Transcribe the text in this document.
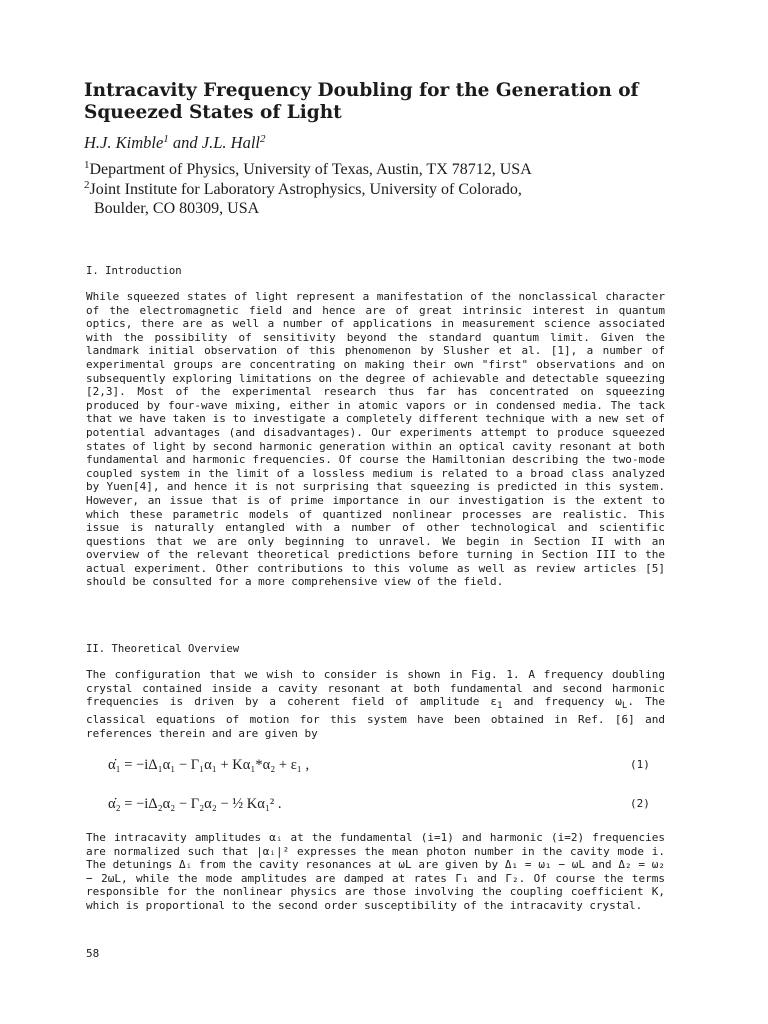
Intracavity Frequency Doubling for the Generation of Squeezed States of Light
H.J. Kimble$^1$ and J.L. Hall$^2$
$^1$Department of Physics, University of Texas, Austin, TX 78712, USA
$^2$Joint Institute for Laboratory Astrophysics, University of Colorado,
Boulder, CO 80309, USA
I. Introduction
While squeezed states of light represent a manifestation of the nonclassical character of the electromagnetic field and hence are of great intrinsic interest in quantum optics, there are as well a number of applications in measurement science associated with the possibility of sensitivity beyond the standard quantum limit. Given the landmark initial observation of this phenomenon by Slusher et al. [1], a number of experimental groups are concentrating on making their own "first" observations and on subsequently exploring limitations on the degree of achievable and detectable squeezing [2,3]. Most of the experimental research thus far has concentrated on squeezing produced by four-wave mixing, either in atomic vapors or in condensed media. The tack that we have taken is to investigate a completely different technique with a new set of potential advantages (and disadvantages). Our experiments attempt to produce squeezed states of light by second harmonic generation within an optical cavity resonant at both fundamental and harmonic frequencies. Of course the Hamiltonian describing the two-mode coupled system in the limit of a lossless medium is related to a broad class analyzed by Yuen[4], and hence it is not surprising that squeezing is predicted in this system. However, an issue that is of prime importance in our investigation is the extent to which these parametric models of quantized nonlinear processes are realistic. This issue is naturally entangled with a number of other technological and scientific questions that we are only beginning to unravel. We begin in Section II with an overview of the relevant theoretical predictions before turning in Section III to the actual experiment. Other contributions to this volume as well as review articles [5] should be consulted for a more comprehensive view of the field.
II. Theoretical Overview
The configuration that we wish to consider is shown in Fig. 1. A frequency doubling crystal contained inside a cavity resonant at both fundamental and second harmonic frequencies is driven by a coherent field of amplitude $\varepsilon_1$ and frequency $\omega_L$. The classical equations of motion for this system have been obtained in Ref. [6] and references therein and are given by
α̇₁ = −iΔ₁α₁ − Γ₁α₁ + Kα₁*α₂ + ε₁ ,	(1)
α̇₂ = −iΔ₂α₂ − Γ₂α₂ − ½ Kα₁² .	(2)
The intracavity amplitudes αᵢ at the fundamental (i=1) and harmonic (i=2) frequencies are normalized such that |αᵢ|² expresses the mean photon number in the cavity mode i. The detunings Δᵢ from the cavity resonances at ωL are given by Δ₁ = ω₁ − ωL and Δ₂ = ω₂ − 2ωL, while the mode amplitudes are damped at rates Γ₁ and Γ₂. Of course the terms responsible for the nonlinear physics are those involving the coupling coefficient K, which is proportional to the second order susceptibility of the intracavity crystal.
58
